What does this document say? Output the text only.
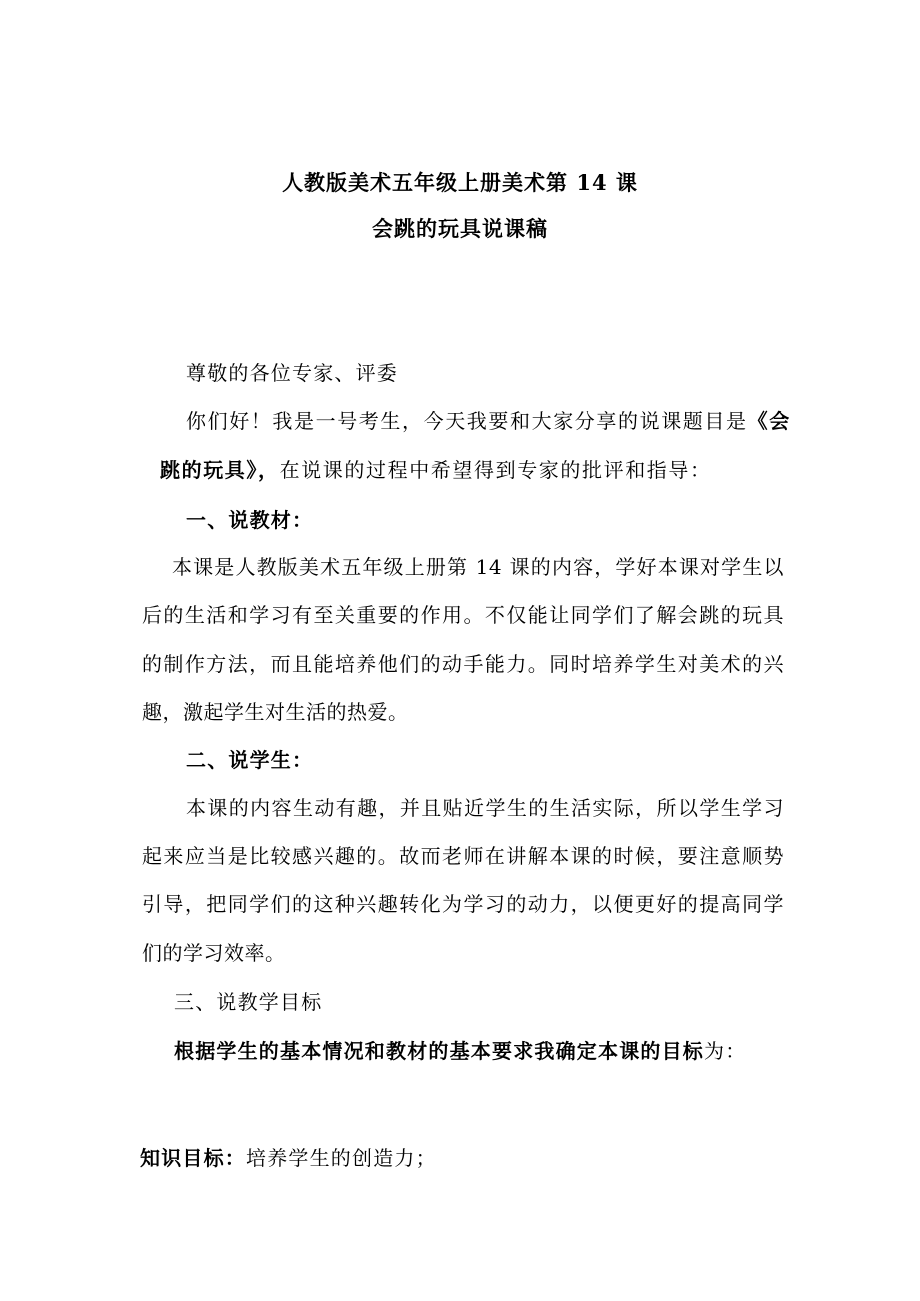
人教版美术五年级上册美术第 14 课
会跳的玩具说课稿
尊敬的各位专家、评委
你们好！我是一号考生，今天我要和大家分享的说课题目是《会
跳的玩具》，在说课的过程中希望得到专家的批评和指导：
一、说教材：
本课是人教版美术五年级上册第 14 课的内容，学好本课对学生以
后的生活和学习有至关重要的作用。不仅能让同学们了解会跳的玩具
的制作方法，而且能培养他们的动手能力。同时培养学生对美术的兴
趣，激起学生对生活的热爱。
二、说学生：
本课的内容生动有趣，并且贴近学生的生活实际，所以学生学习
起来应当是比较感兴趣的。故而老师在讲解本课的时候，要注意顺势
引导，把同学们的这种兴趣转化为学习的动力，以便更好的提高同学
们的学习效率。
三、说教学目标
根据学生的基本情况和教材的基本要求我确定本课的目标为：
知识目标：培养学生的创造力；
